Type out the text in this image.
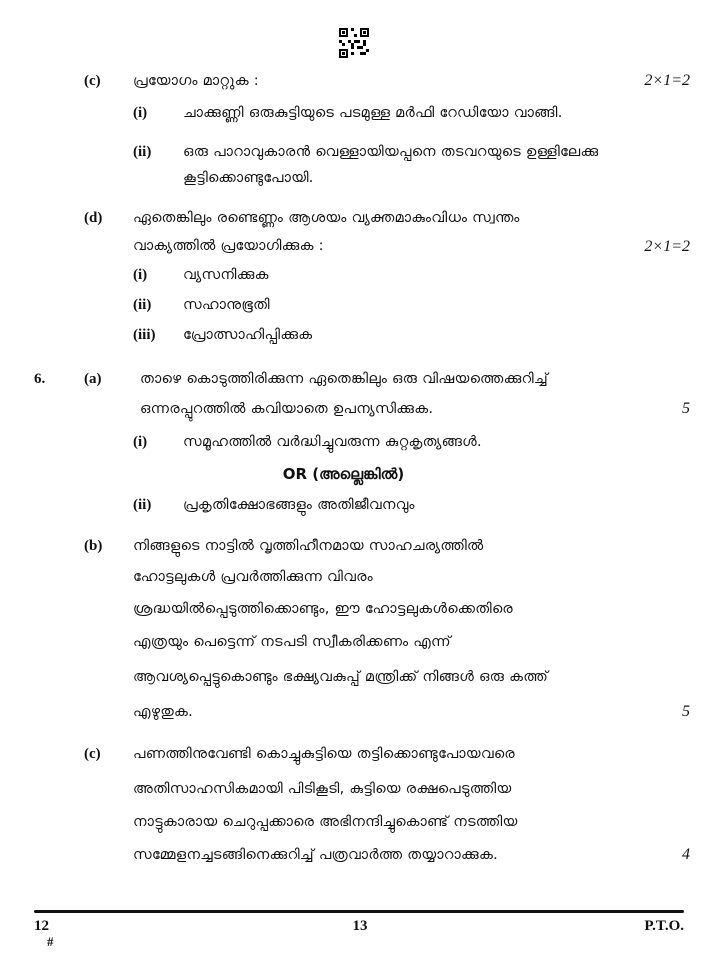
(c) പ്രയോഗം മാറ്റുക :	2×1=2
(i) ചാക്കുണ്ണി ഒരുകുട്ടിയുടെ പടമുള്ള മർഫി റേഡിയോ വാങ്ങി.
(ii) ഒരു പാറാവുകാരൻ വെള്ളായിയപ്പനെ തടവറയുടെ ഉള്ളിലേക്കു
കൂട്ടിക്കൊണ്ടുപോയി.
(d) ഏതെങ്കിലും രണ്ടെണ്ണം ആശയം വ്യക്തമാകുംവിധം സ്വന്തം
വാക്യത്തിൽ പ്രയോഗിക്കുക :	2×1=2
(i) വ്യസനിക്കുക
(ii) സഹാനുഭൂതി
(iii) പ്രോത്സാഹിപ്പിക്കുക
6.	(a)	താഴെ കൊടുത്തിരിക്കുന്ന ഏതെങ്കിലും ഒരു വിഷയത്തെക്കുറിച്ച്
ഒന്നരപ്പുറത്തിൽ കവിയാതെ ഉപന്യസിക്കുക.	5
(i) സമൂഹത്തിൽ വർദ്ധിച്ചുവരുന്ന കുറ്റകൃത്യങ്ങൾ.
OR (അല്ലെങ്കിൽ)
(ii) പ്രകൃതിക്ഷോഭങ്ങളും അതിജീവനവും
(b) നിങ്ങളുടെ നാട്ടിൽ വൃത്തിഹീനമായ സാഹചര്യത്തിൽ
ഹോട്ടലുകൾ പ്രവർത്തിക്കുന്ന വിവരം
ശ്രദ്ധയിൽപ്പെടുത്തിക്കൊണ്ടും, ഈ ഹോട്ടലുകൾക്കെതിരെ
എത്രയും പെട്ടെന്ന് നടപടി സ്വീകരിക്കണം എന്ന്
ആവശ്യപ്പെട്ടുകൊണ്ടും ഭക്ഷ്യവകുപ്പ് മന്ത്രിക്ക് നിങ്ങൾ ഒരു കത്ത്
എഴുതുക.	5
(c) പണത്തിനുവേണ്ടി കൊച്ചുകുട്ടിയെ തട്ടിക്കൊണ്ടുപോയവരെ
അതിസാഹസികമായി പിടികൂടി, കുട്ടിയെ രക്ഷപെടുത്തിയ
നാട്ടുകാരായ ചെറുപ്പക്കാരെ അഭിനന്ദിച്ചുകൊണ്ട് നടത്തിയ
സമ്മേളനച്ചടങ്ങിനെക്കുറിച്ച് പത്രവാർത്ത തയ്യാറാക്കുക.	4
12
#
13	P.T.O.
